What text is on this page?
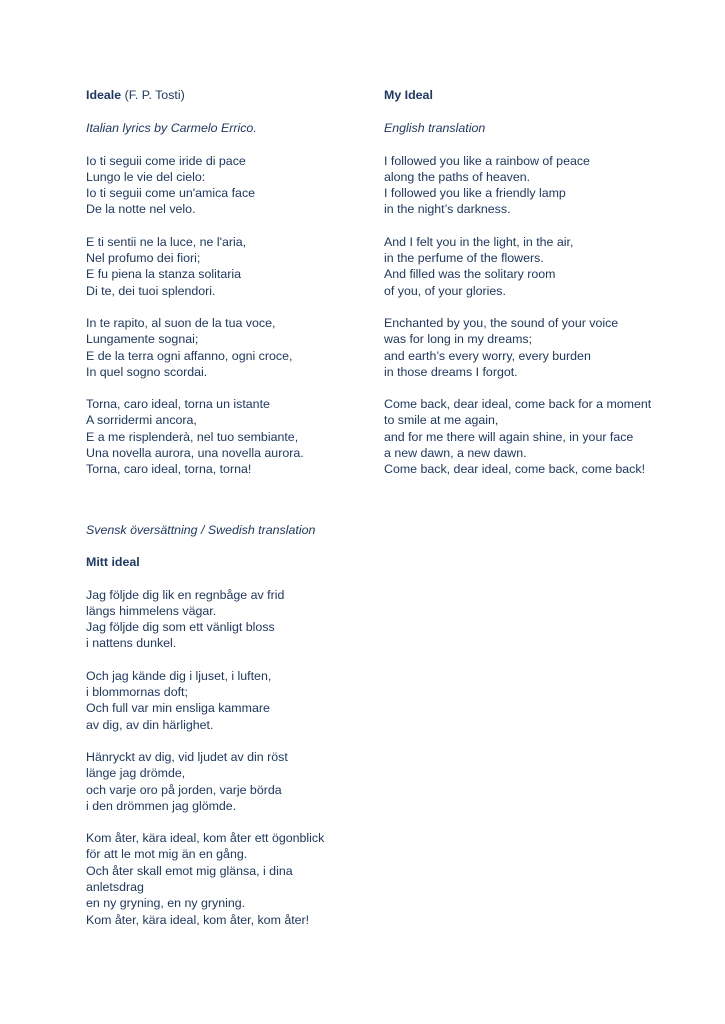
Ideale (F. P. Tosti)
Italian lyrics by Carmelo Errico.
Io ti seguii come iride di pace
Lungo le vie del cielo:
Io ti seguii come un'amica face
De la notte nel velo.
E ti sentii ne la luce, ne l'aria,
Nel profumo dei fiori;
E fu piena la stanza solitaria
Di te, dei tuoi splendori.
In te rapito, al suon de la tua voce,
Lungamente sognai;
E de la terra ogni affanno, ogni croce,
In quel sogno scordai.
Torna, caro ideal, torna un istante
A sorridermi ancora,
E a me risplenderà, nel tuo sembiante,
Una novella aurora, una novella aurora.
Torna, caro ideal, torna, torna!
My Ideal
English translation
I followed you like a rainbow of peace
along the paths of heaven.
I followed you like a friendly lamp
in the night’s darkness.
And I felt you in the light, in the air,
in the perfume of the flowers.
And filled was the solitary room
of you, of your glories.
Enchanted by you, the sound of your voice
was for long in my dreams;
and earth’s every worry, every burden
in those dreams I forgot.
Come back, dear ideal, come back for a moment
to smile at me again,
and for me there will again shine, in your face
a new dawn, a new dawn.
Come back, dear ideal, come back, come back!
Svensk översättning / Swedish translation
Mitt ideal
Jag följde dig lik en regnbåge av frid
längs himmelens vägar.
Jag följde dig som ett vänligt bloss
i nattens dunkel.
Och jag kände dig i ljuset, i luften,
i blommornas doft;
Och full var min ensliga kammare
av dig, av din härlighet.
Hänryckt av dig, vid ljudet av din röst
länge jag drömde,
och varje oro på jorden, varje börda
i den drömmen jag glömde.
Kom åter, kära ideal, kom åter ett ögonblick
för att le mot mig än en gång.
Och åter skall emot mig glänsa, i dina
anletsdrag
en ny gryning, en ny gryning.
Kom åter, kära ideal, kom åter, kom åter!
